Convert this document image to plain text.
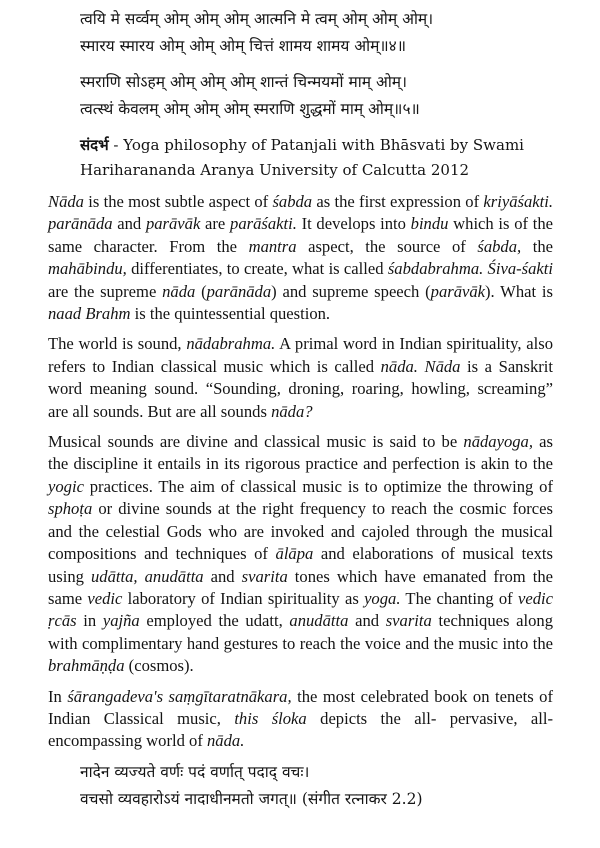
त्वयि मे सर्व्वम् ओम् ओम् ओम् आत्मनि मे त्वम् ओम् ओम् ओम्।

स्मारय स्मारय ओम् ओम् ओम् चित्तं शामय शामय ओम्॥४॥

स्मराणि सोऽहम् ओम् ओम् ओम् शान्तं चिन्मयमों माम् ओम्।

त्वत्स्थं केवलम् ओम् ओम् ओम् स्मराणि शुद्धमों माम् ओम्॥५॥

संदर्भ - Yoga philosophy of Patanjali with Bhāsvati by Swami Hariharananda Aranya University of Calcutta 2012

Nāda is the most subtle aspect of śabda as the first expression of kriyāśakti. parānāda and parāvāk are parāśakti. It develops into bindu which is of the same character. From the mantra aspect, the source of śabda, the mahābindu, differentiates, to create, what is called śabdabrahma. Śiva-śakti are the supreme nāda (parānāda) and supreme speech (parāvāk). What is naad Brahm is the quintessential question.

The world is sound, nādabrahma. A primal word in Indian spirituality, also refers to Indian classical music which is called nāda. Nāda is a Sanskrit word meaning sound. “Sounding, droning, roaring, howling, screaming” are all sounds. But are all sounds nāda?

Musical sounds are divine and classical music is said to be nādayoga, as the discipline it entails in its rigorous practice and perfection is akin to the yogic practices. The aim of classical music is to optimize the throwing of sphoṭa or divine sounds at the right frequency to reach the cosmic forces and the celestial Gods who are invoked and cajoled through the musical compositions and techniques of ālāpa and elaborations of musical texts using udātta, anudātta and svarita tones which have emanated from the same vedic laboratory of Indian spirituality as yoga. The chanting of vedic ṛcās in yajña employed the udatt, anudātta and svarita techniques along with complimentary hand gestures to reach the voice and the music into the brahmāṇḍa (cosmos).

In śārangadeva's saṃgītaratnākara, the most celebrated book on tenets of Indian Classical music, this śloka depicts the all- pervasive, all-encompassing world of nāda.

नादेन व्यज्यते वर्णः पदं वर्णात् पदाद् वचः।

वचसो व्यवहारोऽयं नादाधीनमतो जगत्॥ (संगीत रत्नाकर 2.2)
